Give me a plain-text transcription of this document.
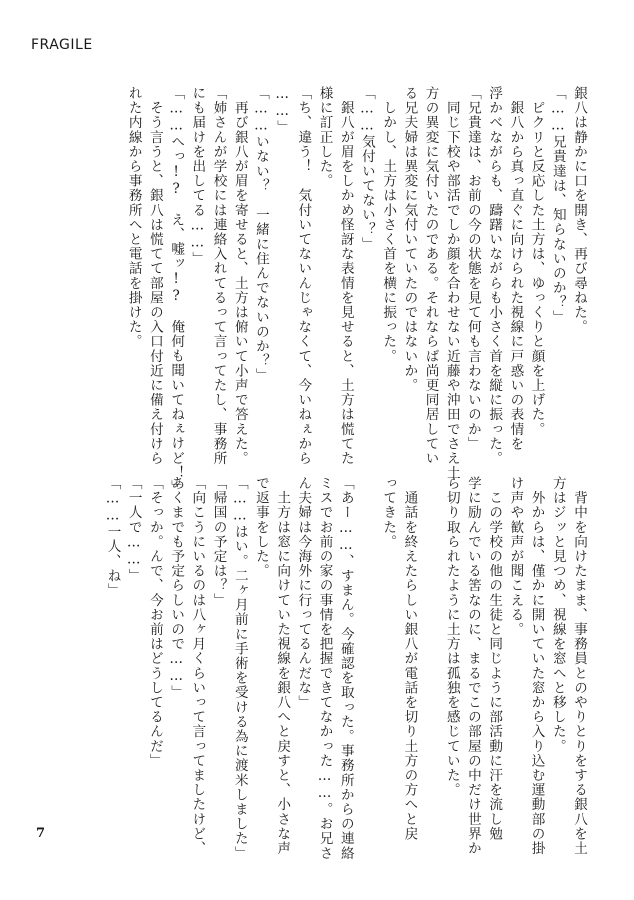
FRAGILE
銀八は静かに口を開き、再び尋ねた。
「……兄貴達は、知らないのか？」
　ピクリと反応した土方は、ゆっくりと顔を上げた。
　銀八から真っ直ぐに向けられた視線に戸惑いの表情を
浮かべながらも、躊躇いながらも小さく首を縦に振った。
「兄貴達は、お前の今の状態を見て何も言わないのか」
　同じ下校や部活でしか顔を合わせない近藤や沖田でさえ土
方の異変に気付いたのである。それならば尚更同居してい
る兄夫婦は異変に気付いていたのではないか。
　しかし、土方は小さく首を横に振った。
「……気付いてない？」
　銀八が眉をしかめ怪訝な表情を見せると、土方は慌てた
様に訂正した。
「ち、違う！　気付いてないんじゃなくて、今いねぇから
……」
「……いない？　一緒に住んでないのか？」
　再び銀八が眉を寄せると、土方は俯いて小声で答えた。
「姉さんが学校には連絡入れてるって言ってたし、事務所
にも届けを出してる……」
「……へっ!?　え、嘘ッ!?　俺何も聞いてねぇけど！」
　そう言うと、銀八は慌てて部屋の入口付近に備え付けら
れた内線から事務所へと電話を掛けた。
　背中を向けたまま、事務員とのやりとりをする銀八を土
方はジッと見つめ、視線を窓へと移した。
　外からは、僅かに開いていた窓から入り込む運動部の掛
け声や歓声が聞こえる。
　この学校の他の生徒と同じように部活動に汗を流し勉
学に励んでいる筈なのに、まるでこの部屋の中だけ世界か
ら切り取られたように土方は孤独を感じていた。

　通話を終えたらしい銀八が電話を切り土方の方へと戻
ってきた。

「あー……、すまん。今確認を取った。事務所からの連絡
ミスでお前の家の事情を把握できてなかった……。お兄さ
ん夫婦は今海外に行ってるんだな」
　土方は窓に向けていた視線を銀八へと戻すと、小さな声
で返事をした。
「……はい。二ヶ月前に手術を受ける為に渡米しました」
「帰国の予定は？」
「向こうにいるのは八ヶ月くらいって言ってましたけど、
あくまでも予定らしいので……」
「そっか。んで、今お前はどうしてるんだ」
「一人で……」
「……一人、ね」
7
